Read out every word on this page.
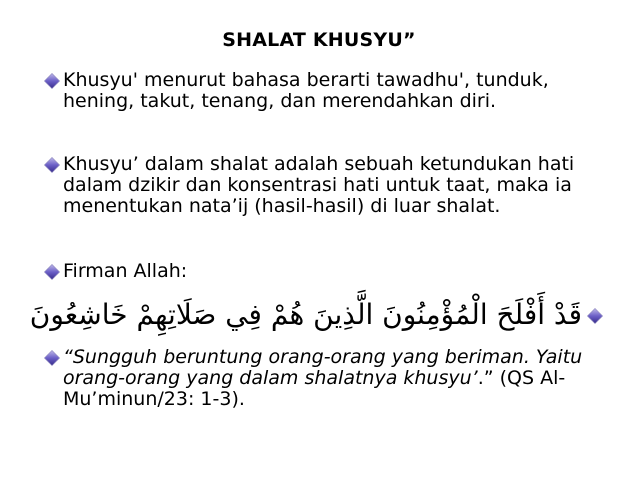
SHALAT KHUSYU”
Khusyu' menurut bahasa berarti tawadhu', tunduk, hening, takut, tenang, dan merendahkan diri.
Khusyu’ dalam shalat adalah sebuah ketundukan hati dalam dzikir dan konsentrasi hati untuk taat, maka ia menentukan nata’ij (hasil-hasil) di luar shalat.
Firman Allah:
قَدْ أَفْلَحَ الْمُؤْمِنُونَ الَّذِينَ هُمْ فِي صَلَاتِهِمْ خَاشِعُونَ
“Sungguh beruntung orang-orang yang beriman. Yaitu orang-orang yang dalam shalatnya khusyu’.” (QS Al-Mu’minun/23: 1-3).
